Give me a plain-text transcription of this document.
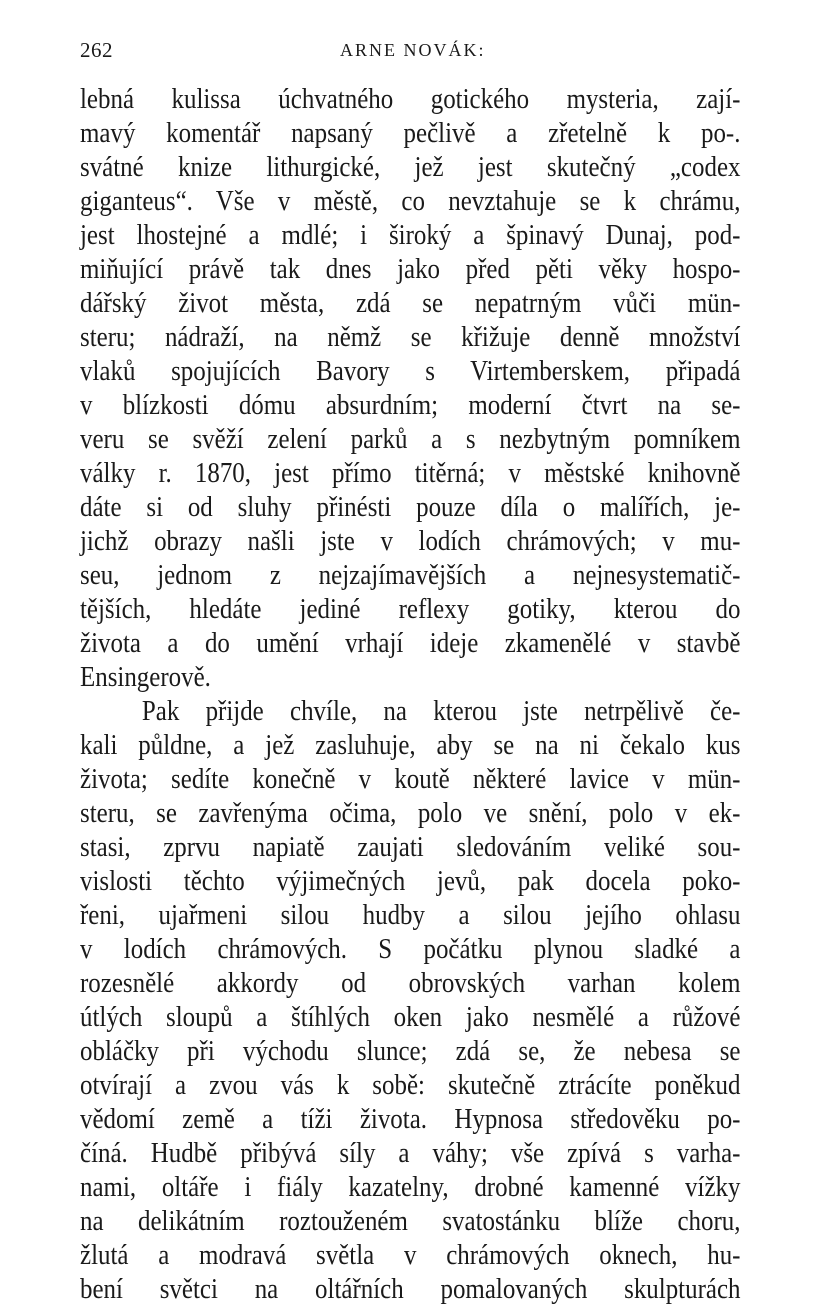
262	ARNE NOVÁK:
lebná kulissa úchvatného gotického mysteria, zají-
mavý komentář napsaný pečlivě a zřetelně k po-.
svátné knize lithurgické, jež jest skutečný „codex
giganteus“. Vše v městě, co nevztahuje se k chrámu,
jest lhostejné a mdlé; i široký a špinavý Dunaj, pod-
miňující právě tak dnes jako před pěti věky hospo-
dářský život města, zdá se nepatrným vůči mün-
steru; nádraží, na němž se křižuje denně množství
vlaků spojujících Bavory s Virtemberskem, připadá
v blízkosti dómu absurdním; moderní čtvrt na se-
veru se svěží zelení parků a s nezbytným pomníkem
války r. 1870, jest přímo titěrná; v městské knihovně
dáte si od sluhy přinésti pouze díla o malířích, je-
jichž obrazy našli jste v lodích chrámových; v mu-
seu, jednom z nejzajímavějších a nejnesystematič-
tějších, hledáte jediné reflexy gotiky, kterou do
života a do umění vrhají ideje zkamenělé v stavbě
Ensingerově.
Pak přijde chvíle, na kterou jste netrpělivě če-
kali půldne, a jež zasluhuje, aby se na ni čekalo kus
života; sedíte konečně v koutě některé lavice v mün-
steru, se zavřenýma očima, polo ve snění, polo v ek-
stasi, zprvu napiatě zaujati sledováním veliké sou-
vislosti těchto výjimečných jevů, pak docela poko-
řeni, ujařmeni silou hudby a silou jejího ohlasu
v lodích chrámových. S počátku plynou sladké a
rozesnělé akkordy od obrovských varhan kolem
útlých sloupů a štíhlých oken jako nesmělé a růžové
obláčky při východu slunce; zdá se, že nebesa se
otvírají a zvou vás k sobě: skutečně ztrácíte poněkud
vědomí země a tíži života. Hypnosa středověku po-
číná. Hudbě přibývá síly a váhy; vše zpívá s varha-
nami, oltáře i fiály kazatelny, drobné kamenné vížky
na delikátním roztouženém svatostánku blíže choru,
žlutá a modravá světla v chrámových oknech, hu-
bení světci na oltářních pomalovaných skulpturách
